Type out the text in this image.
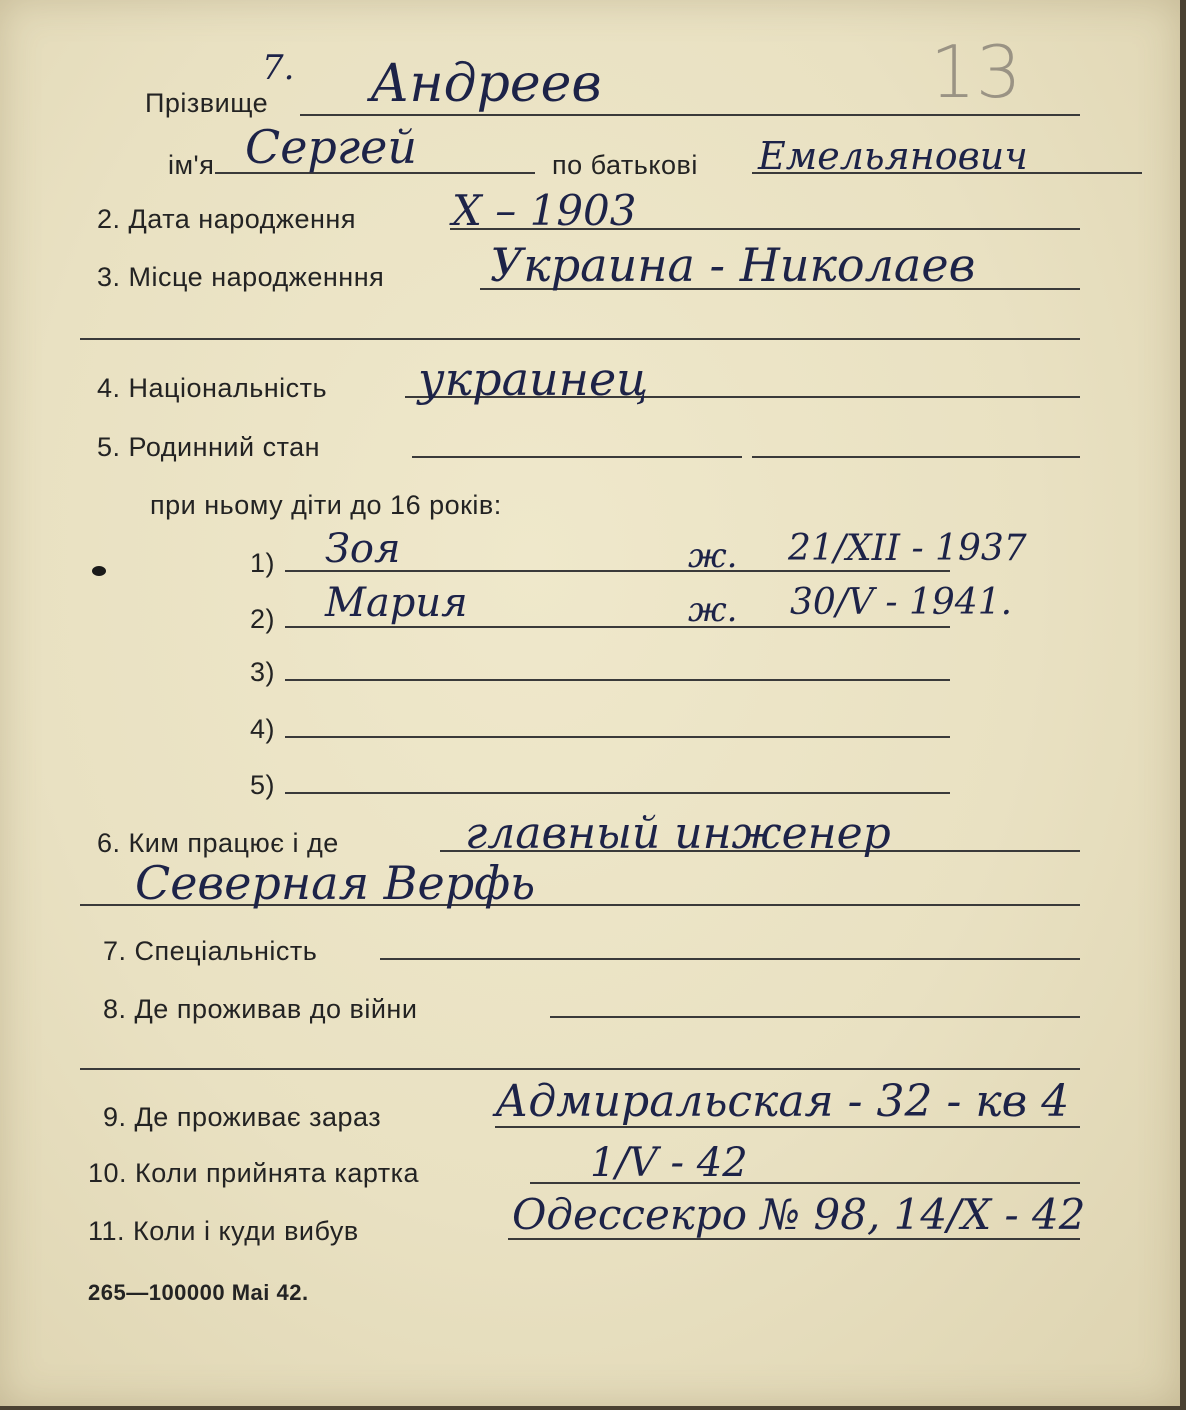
7.	13
Прізвище Андреев
ім'я Сергей	по батькові Емельянович
2. Дата народження X – 1903
3. Місце народженння Украина - Николаев
4. Національність украинец
5. Родинний стан
при ньому діти до 16 років:
1) Зоя	ж. 21/XII - 1937
2) Мария	ж. 30/V - 1941.
3)
4)
5)
6. Ким працює і де	главный инженер
Северная Верфь
7. Спеціальність
8. Де проживав до війни
9. Де проживає зараз	Адмиральская - 32 - кв 4
10. Коли прийнята картка	1/V - 42
11. Коли і куди вибув	Одессекро № 98, 14/X - 42
265—100000 Mai 42.
